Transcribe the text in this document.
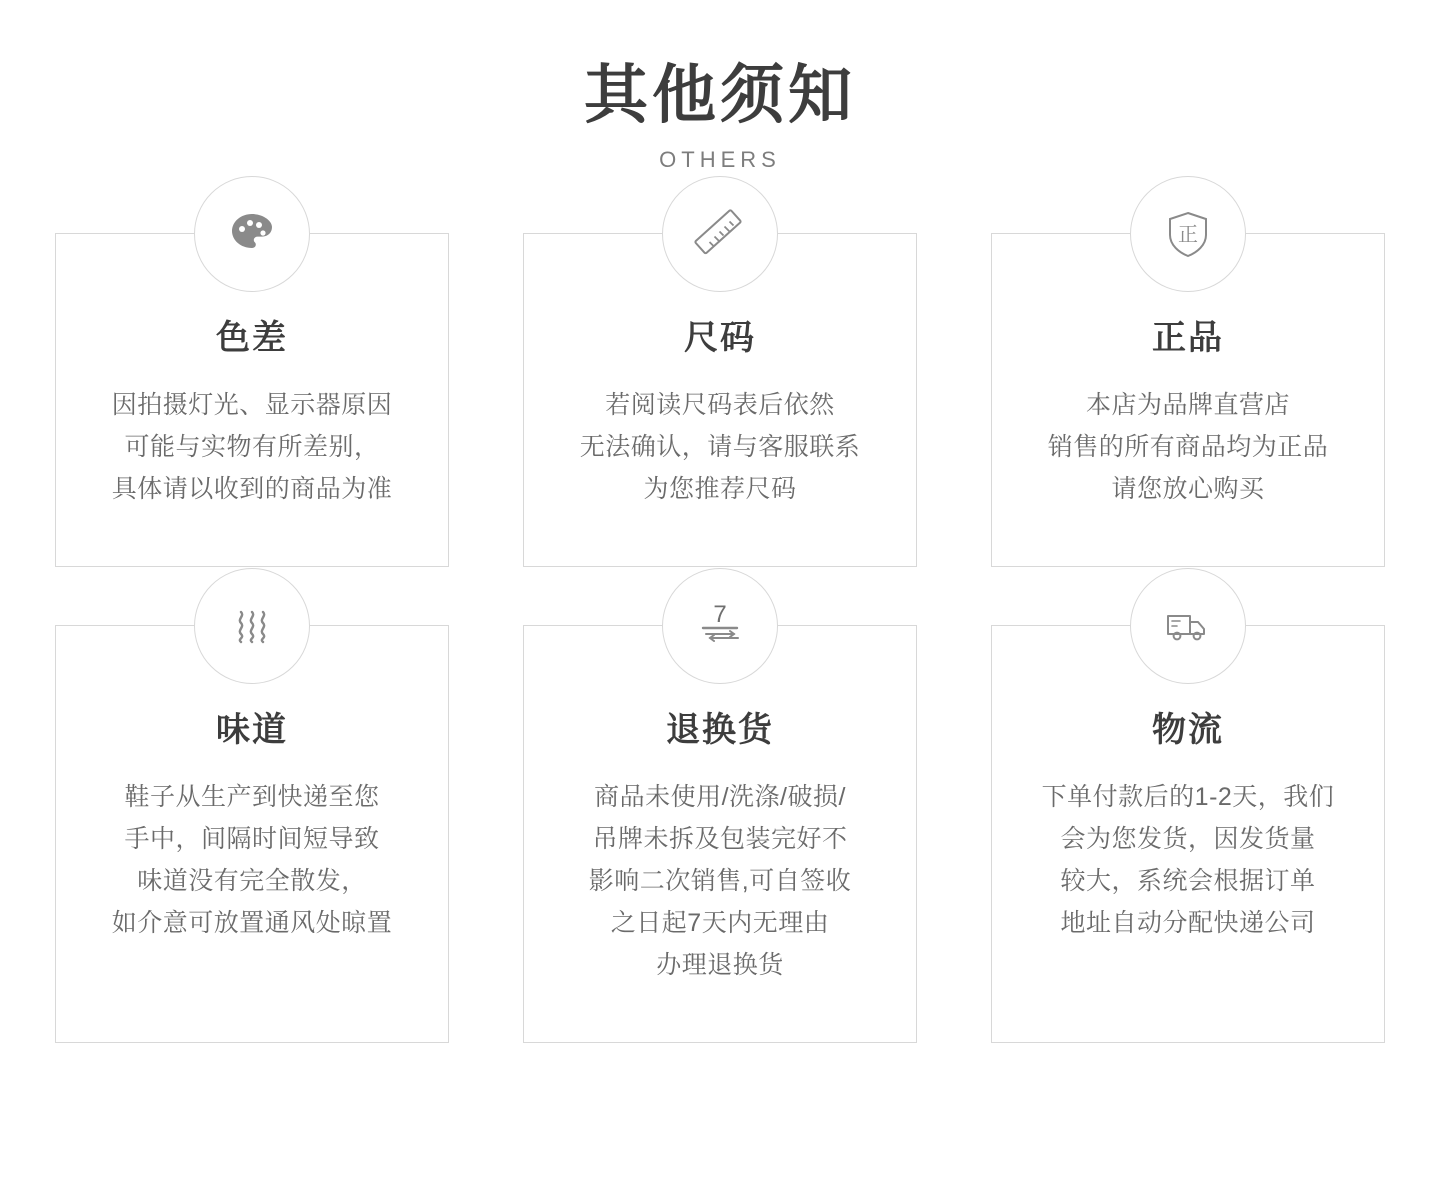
其他须知
OTHERS
色差
因拍摄灯光、显示器原因
可能与实物有所差别，
具体请以收到的商品为准
尺码
若阅读尺码表后依然
无法确认，请与客服联系
为您推荐尺码
正
正品
本店为品牌直营店
销售的所有商品均为正品
请您放心购买
味道
鞋子从生产到快递至您
手中，间隔时间短导致
味道没有完全散发，
如介意可放置通风处晾置
7
退换货
商品未使用/洗涤/破损/
吊牌未拆及包装完好不
影响二次销售,可自签收
之日起7天内无理由
办理退换货
物流
下单付款后的1-2天，我们
会为您发货，因发货量
较大，系统会根据订单
地址自动分配快递公司
